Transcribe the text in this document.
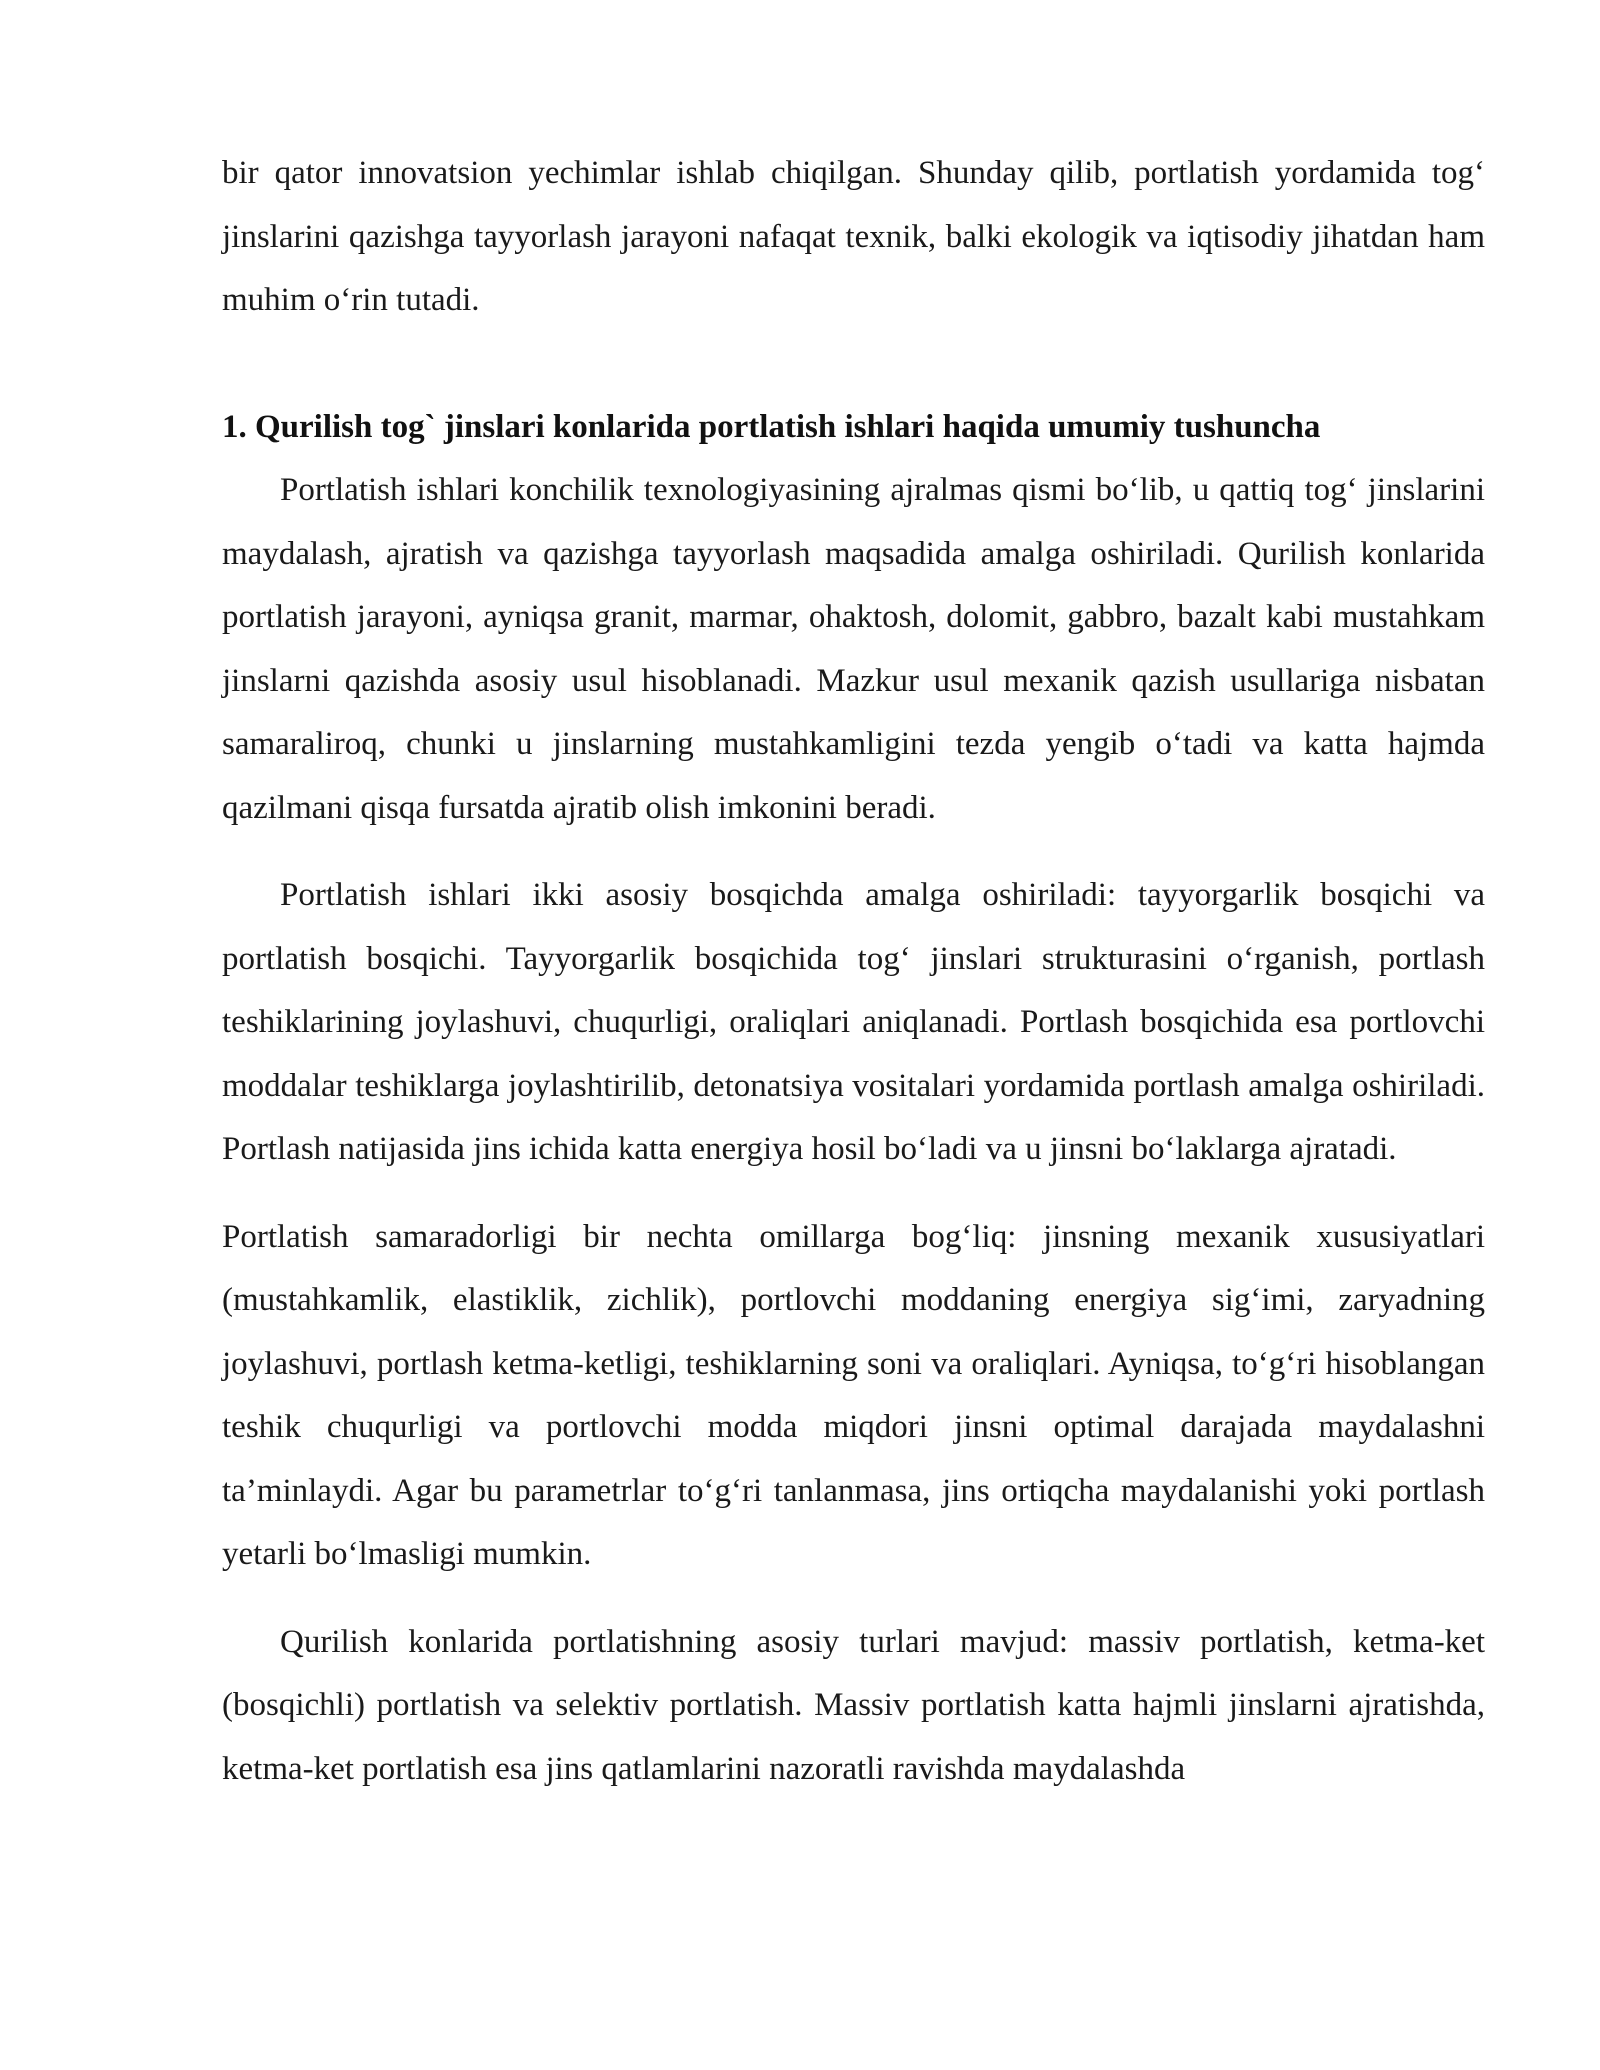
bir qator innovatsion yechimlar ishlab chiqilgan. Shunday qilib, portlatish yordamida tog‘ jinslarini qazishga tayyorlash jarayoni nafaqat texnik, balki ekologik va iqtisodiy jihatdan ham muhim o‘rin tutadi.

1. Qurilish tog` jinslari konlarida portlatish ishlari haqida umumiy tushuncha

Portlatish ishlari konchilik texnologiyasining ajralmas qismi bo‘lib, u qattiq tog‘ jinslarini maydalash, ajratish va qazishga tayyorlash maqsadida amalga oshiriladi. Qurilish konlarida portlatish jarayoni, ayniqsa granit, marmar, ohaktosh, dolomit, gabbro, bazalt kabi mustahkam jinslarni qazishda asosiy usul hisoblanadi. Mazkur usul mexanik qazish usullariga nisbatan samaraliroq, chunki u jinslarning mustahkamligini tezda yengib o‘tadi va katta hajmda qazilmani qisqa fursatda ajratib olish imkonini beradi.

Portlatish ishlari ikki asosiy bosqichda amalga oshiriladi: tayyorgarlik bosqichi va portlatish bosqichi. Tayyorgarlik bosqichida tog‘ jinslari strukturasini o‘rganish, portlash teshiklarining joylashuvi, chuqurligi, oraliqlari aniqlanadi. Portlash bosqichida esa portlovchi moddalar teshiklarga joylashtirilib, detonatsiya vositalari yordamida portlash amalga oshiriladi. Portlash natijasida jins ichida katta energiya hosil bo‘ladi va u jinsni bo‘laklarga ajratadi.

Portlatish samaradorligi bir nechta omillarga bog‘liq: jinsning mexanik xususiyatlari (mustahkamlik, elastiklik, zichlik), portlovchi moddaning energiya sig‘imi, zaryadning joylashuvi, portlash ketma-ketligi, teshiklarning soni va oraliqlari. Ayniqsa, to‘g‘ri hisoblangan teshik chuqurligi va portlovchi modda miqdori jinsni optimal darajada maydalashni ta’minlaydi. Agar bu parametrlar to‘g‘ri tanlanmasa, jins ortiqcha maydalanishi yoki portlash yetarli bo‘lmasligi mumkin.

Qurilish konlarida portlatishning asosiy turlari mavjud: massiv portlatish, ketma-ket (bosqichli) portlatish va selektiv portlatish. Massiv portlatish katta hajmli jinslarni ajratishda, ketma-ket portlatish esa jins qatlamlarini nazoratli ravishda maydalashda
